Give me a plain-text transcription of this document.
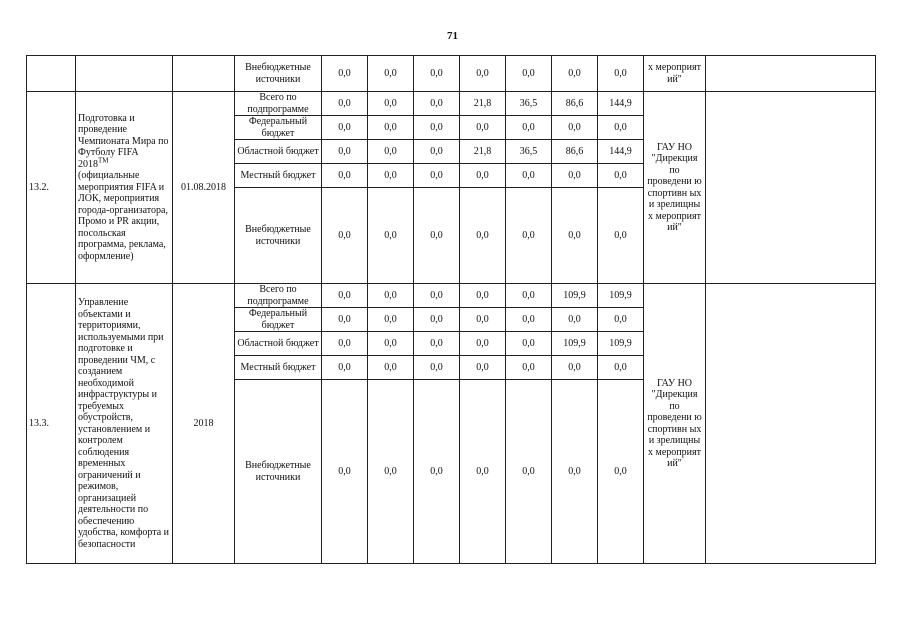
71
			Внебюджетные источники	0,0	0,0	0,0	0,0	0,0	0,0	0,0	х мероприят ий"	
13.2.	Подготовка и проведение Чемпионата Мира по Футболу FIFA 2018™ (официальные мероприятия FIFA и ЛОК, мероприятия города-организатора, Промо и PR акции, посольская программа, реклама, оформление)	01.08.2018	Всего по подпрограмме	0,0	0,0	0,0	21,8	36,5	86,6	144,9	ГАУ НО "Дирекция по проведени ю спортивн ых и зрелищны х мероприят ий"	
			Федеральный бюджет	0,0	0,0	0,0	0,0	0,0	0,0	0,0		
			Областной бюджет	0,0	0,0	0,0	21,8	36,5	86,6	144,9		
			Местный бюджет	0,0	0,0	0,0	0,0	0,0	0,0	0,0		
			Внебюджетные источники	0,0	0,0	0,0	0,0	0,0	0,0	0,0		
13.3.	Управление объектами и территориями, используемыми при подготовке и проведении ЧМ, с созданием необходимой инфраструктуры и требуемых обустройств, установлением и контролем соблюдения временных ограничений и режимов, организацией деятельности по обеспечению удобства, комфорта и безопасности	2018	Всего по подпрограмме	0,0	0,0	0,0	0,0	0,0	109,9	109,9	ГАУ НО "Дирекция по проведени ю спортивн ых и зрелищны х мероприят ий"	
			Федеральный бюджет	0,0	0,0	0,0	0,0	0,0	0,0	0,0		
			Областной бюджет	0,0	0,0	0,0	0,0	0,0	109,9	109,9		
			Местный бюджет	0,0	0,0	0,0	0,0	0,0	0,0	0,0		
			Внебюджетные источники	0,0	0,0	0,0	0,0	0,0	0,0	0,0		
